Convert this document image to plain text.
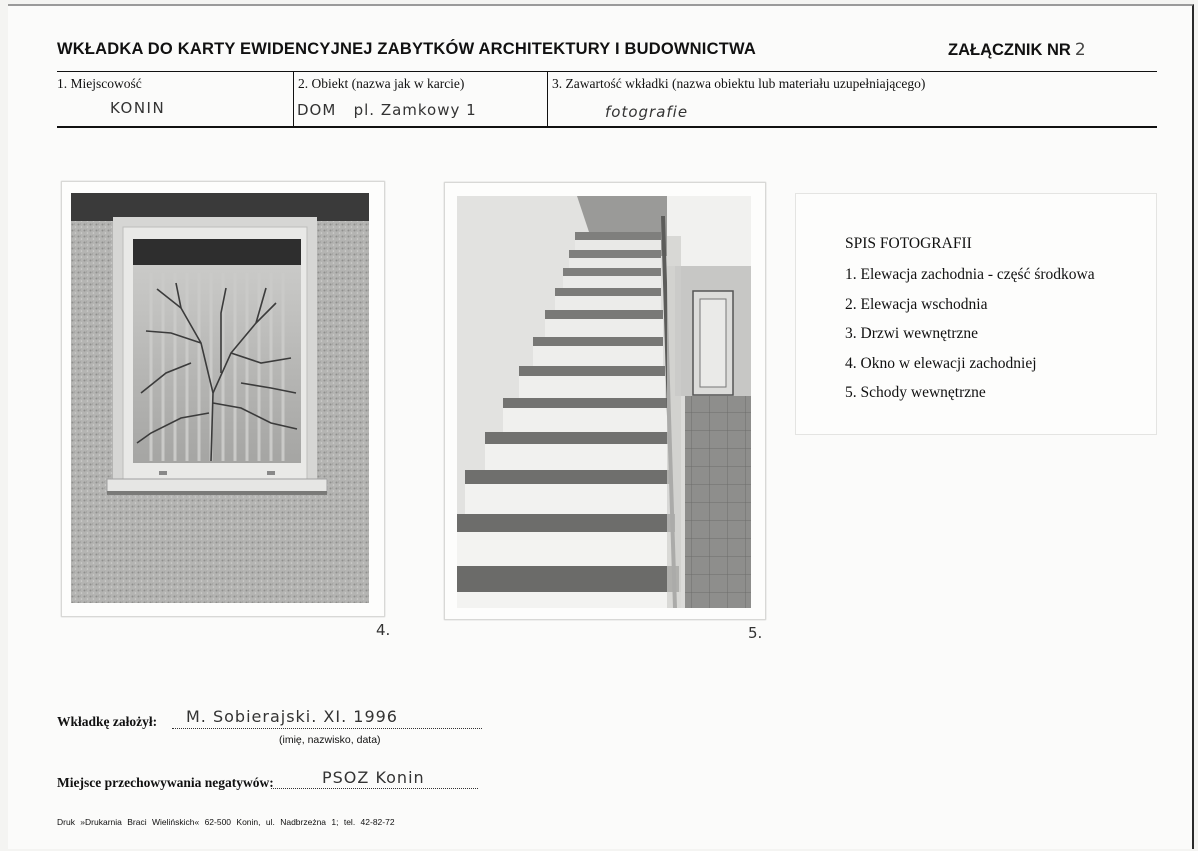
WKŁADKA DO KARTY EWIDENCYJNEJ ZABYTKÓW ARCHITEKTURY I BUDOWNICTWA	ZAŁĄCZNIK NR 2
1. Miejscowość
KONIN
2. Obiekt (nazwa jak w karcie)
DOM   pl. Zamkowy 1
3. Zawartość wkładki (nazwa obiektu lub materiału uzupełniającego)
fotografie
4.	5.
SPIS FOTOGRAFII
1. Elewacja zachodnia - część środkowa
2. Elewacja wschodnia
3. Drzwi wewnętrzne
4. Okno w elewacji zachodniej
5. Schody wewnętrzne
Wkładkę założył: M. Sobierajski. XI. 1996
(imię, nazwisko, data)
Miejsce przechowywania negatywów:	PSOZ Konin
Druk »Drukarnia Braci Wielińskich« 62-500 Konin, ul. Nadbrzeżna 1; tel. 42-82-72
